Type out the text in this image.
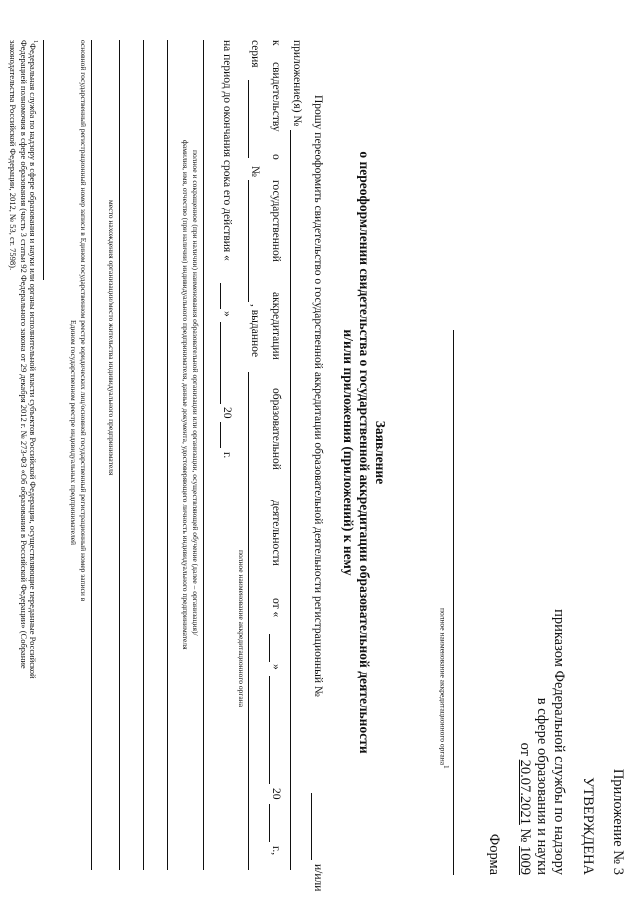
Приложение № 3
УТВЕРЖДЕНА
приказом Федеральной службы по надзору
в сфере образования и науки
от 20.07.2021 № 1009
Форма
полное наименование аккредитационного органа$^1$
Заявление
о переоформлении свидетельства о государственной аккредитации образовательной деятельности
и/или приложения (приложений) к нему
Прошу переоформить свидетельство о государственной аккредитации образовательной деятельности регистрационный №
и/или
приложение(я) №
к
свидетельству
о
государственной
аккредитации
образовательной
деятельности
от «
»
20
г.,
серия
№
, выданное
полное наименование аккредитационного органа
на период до окончания срока его действия «
»
20
г.
полное и сокращенное (при наличии) наименования образовательной организации или организации, осуществляющей обучение (далее – организация)/
фамилия, имя, отчество (при наличии) индивидуального предпринимателя, данные документа, удостоверяющего личность индивидуального предпринимателя
место нахождения организации/место жительства индивидуального предпринимателя
основной государственный регистрационный номер записи в Едином государственном реестре юридических лиц/основной государственный регистрационный номер записи в
Едином государственном реестре индивидуальных предпринимателей
$^1$Федеральная служба по надзору в сфере образования и науки или органы исполнительной власти субъектов Российской Федерации, осуществляющие переданные Российской
Федерацией полномочия в сфере образования (часть 3 статьи 92 Федерального закона от 29 декабря 2012 г. № 273-ФЗ «Об образовании в Российской Федерации» (Собрание
законодательства Российской Федерации, 2012, № 53, ст. 7598).
